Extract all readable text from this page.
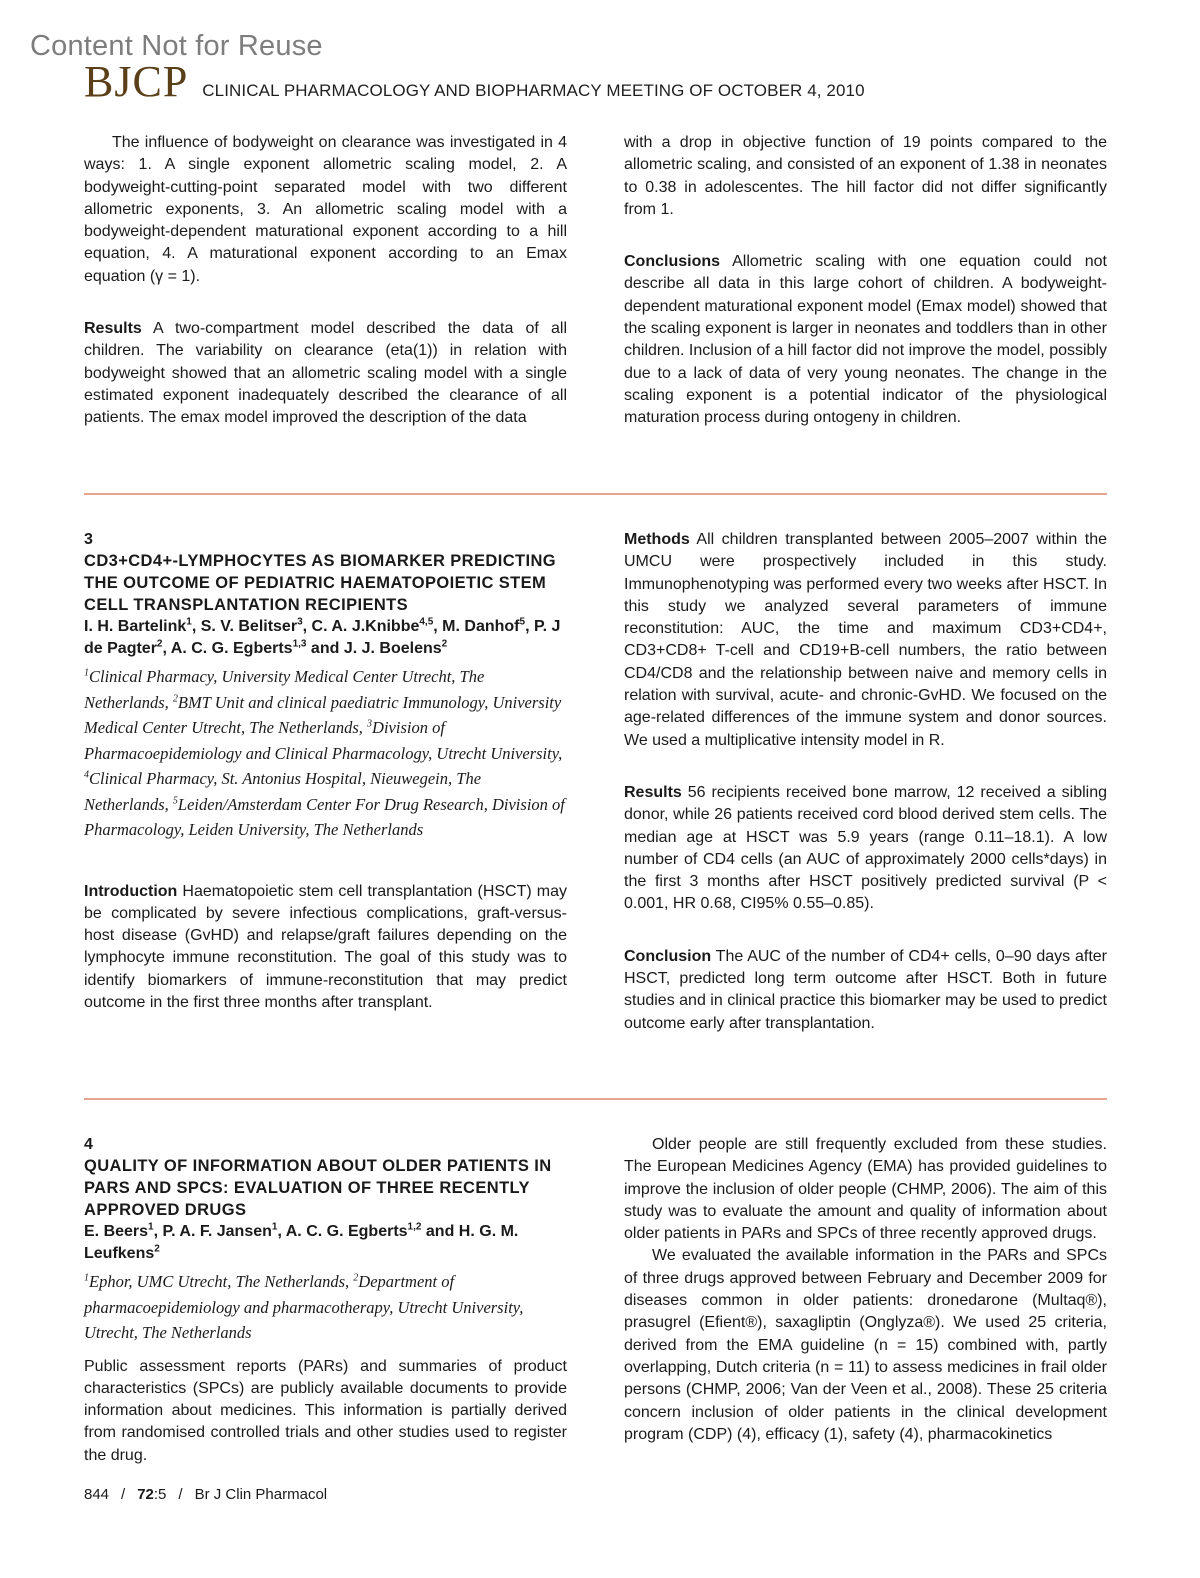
Content Not for Reuse
BJCP CLINICAL PHARMACOLOGY AND BIOPHARMACY MEETING OF OCTOBER 4, 2010

The influence of bodyweight on clearance was investigated in 4 ways: 1. A single exponent allometric scaling model, 2. A bodyweight-cutting-point separated model with two different allometric exponents, 3. An allometric scaling model with a bodyweight-dependent maturational exponent according to a hill equation, 4. A maturational exponent according to an Emax equation (γ = 1).

Results A two-compartment model described the data of all children. The variability on clearance (eta(1)) in relation with bodyweight showed that an allometric scaling model with a single estimated exponent inadequately described the clearance of all patients. The emax model improved the description of the data

with a drop in objective function of 19 points compared to the allometric scaling, and consisted of an exponent of 1.38 in neonates to 0.38 in adolescentes. The hill factor did not differ significantly from 1.

Conclusions Allometric scaling with one equation could not describe all data in this large cohort of children. A bodyweight-dependent maturational exponent model (Emax model) showed that the scaling exponent is larger in neonates and toddlers than in other children. Inclusion of a hill factor did not improve the model, possibly due to a lack of data of very young neonates. The change in the scaling exponent is a potential indicator of the physiological maturation process during ontogeny in children.

3
CD3+CD4+-LYMPHOCYTES AS BIOMARKER PREDICTING THE OUTCOME OF PEDIATRIC HAEMATOPOIETIC STEM CELL TRANSPLANTATION RECIPIENTS
I. H. Bartelink$^1$, S. V. Belitser$^3$, C. A. J.Knibbe$^{4,5}$, M. Danhof$^5$, P. J de Pagter$^2$, A. C. G. Egberts$^{1,3}$ and J. J. Boelens$^2$
$^1$Clinical Pharmacy, University Medical Center Utrecht, The Netherlands, $^2$BMT Unit and clinical paediatric Immunology, University Medical Center Utrecht, The Netherlands, $^3$Division of Pharmacoepidemiology and Clinical Pharmacology, Utrecht University, $^4$Clinical Pharmacy, St. Antonius Hospital, Nieuwegein, The Netherlands, $^5$Leiden/Amsterdam Center For Drug Research, Division of Pharmacology, Leiden University, The Netherlands

Introduction Haematopoietic stem cell transplantation (HSCT) may be complicated by severe infectious complications, graft-versus-host disease (GvHD) and relapse/graft failures depending on the lymphocyte immune reconstitution. The goal of this study was to identify biomarkers of immune-reconstitution that may predict outcome in the first three months after transplant.

Methods All children transplanted between 2005–2007 within the UMCU were prospectively included in this study. Immunophenotyping was performed every two weeks after HSCT. In this study we analyzed several parameters of immune reconstitution: AUC, the time and maximum CD3+CD4+, CD3+CD8+ T-cell and CD19+B-cell numbers, the ratio between CD4/CD8 and the relationship between naive and memory cells in relation with survival, acute- and chronic-GvHD. We focused on the age-related differences of the immune system and donor sources. We used a multiplicative intensity model in R.

Results 56 recipients received bone marrow, 12 received a sibling donor, while 26 patients received cord blood derived stem cells. The median age at HSCT was 5.9 years (range 0.11–18.1). A low number of CD4 cells (an AUC of approximately 2000 cells*days) in the first 3 months after HSCT positively predicted survival (P < 0.001, HR 0.68, CI95% 0.55–0.85).

Conclusion The AUC of the number of CD4+ cells, 0–90 days after HSCT, predicted long term outcome after HSCT. Both in future studies and in clinical practice this biomarker may be used to predict outcome early after transplantation.

4
QUALITY OF INFORMATION ABOUT OLDER PATIENTS IN PARS AND SPCS: EVALUATION OF THREE RECENTLY APPROVED DRUGS
E. Beers$^1$, P. A. F. Jansen$^1$, A. C. G. Egberts$^{1,2}$ and H. G. M. Leufkens$^2$
$^1$Ephor, UMC Utrecht, The Netherlands, $^2$Department of pharmacoepidemiology and pharmacotherapy, Utrecht University, Utrecht, The Netherlands

Public assessment reports (PARs) and summaries of product characteristics (SPCs) are publicly available documents to provide information about medicines. This information is partially derived from randomised controlled trials and other studies used to register the drug.

Older people are still frequently excluded from these studies. The European Medicines Agency (EMA) has provided guidelines to improve the inclusion of older people (CHMP, 2006). The aim of this study was to evaluate the amount and quality of information about older patients in PARs and SPCs of three recently approved drugs.

We evaluated the available information in the PARs and SPCs of three drugs approved between February and December 2009 for diseases common in older patients: dronedarone (Multaq®), prasugrel (Efient®), saxagliptin (Onglyza®). We used 25 criteria, derived from the EMA guideline (n = 15) combined with, partly overlapping, Dutch criteria (n = 11) to assess medicines in frail older persons (CHMP, 2006; Van der Veen et al., 2008). These 25 criteria concern inclusion of older patients in the clinical development program (CDP) (4), efficacy (1), safety (4), pharmacokinetics

844 / 72:5 / Br J Clin Pharmacol
